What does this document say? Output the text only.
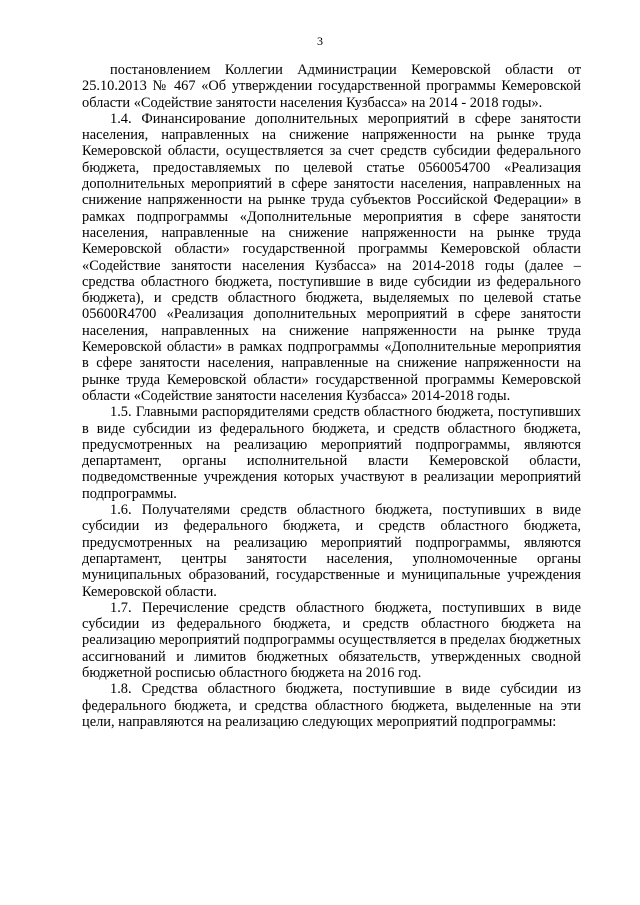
3

постановлением Коллегии Администрации Кемеровской области от 25.10.2013 № 467 «Об утверждении государственной программы Кемеровской области «Содействие занятости населения Кузбасса» на 2014 - 2018 годы».

1.4. Финансирование дополнительных мероприятий в сфере занятости населения, направленных на снижение напряженности на рынке труда Кемеровской области, осуществляется за счет средств субсидии федерального бюджета, предоставляемых по целевой статье 0560054700 «Реализация дополнительных мероприятий в сфере занятости населения, направленных на снижение напряженности на рынке труда субъектов Российской Федерации» в рамках подпрограммы «Дополнительные мероприятия в сфере занятости населения, направленные на снижение напряженности на рынке труда Кемеровской области» государственной программы Кемеровской области «Содействие занятости населения Кузбасса» на 2014-2018 годы (далее – средства областного бюджета, поступившие в виде субсидии из федерального бюджета), и средств областного бюджета, выделяемых по целевой статье 05600R4700 «Реализация дополнительных мероприятий в сфере занятости населения, направленных на снижение напряженности на рынке труда Кемеровской области» в рамках подпрограммы «Дополнительные мероприятия в сфере занятости населения, направленные на снижение напряженности на рынке труда Кемеровской области» государственной программы Кемеровской области «Содействие занятости населения Кузбасса» 2014-2018 годы.

1.5. Главными распорядителями средств областного бюджета, поступивших в виде субсидии из федерального бюджета, и средств областного бюджета, предусмотренных на реализацию мероприятий подпрограммы, являются департамент, органы исполнительной власти Кемеровской области, подведомственные учреждения которых участвуют в реализации мероприятий подпрограммы.

1.6. Получателями средств областного бюджета, поступивших в виде субсидии из федерального бюджета, и средств областного бюджета, предусмотренных на реализацию мероприятий подпрограммы, являются департамент, центры занятости населения, уполномоченные органы муниципальных образований, государственные и муниципальные учреждения Кемеровской области.

1.7. Перечисление средств областного бюджета, поступивших в виде субсидии из федерального бюджета, и средств областного бюджета на реализацию мероприятий подпрограммы осуществляется в пределах бюджетных ассигнований и лимитов бюджетных обязательств, утвержденных сводной бюджетной росписью областного бюджета на 2016 год.

1.8. Средства областного бюджета, поступившие в виде субсидии из федерального бюджета, и средства областного бюджета, выделенные на эти цели, направляются на реализацию следующих мероприятий подпрограммы:
